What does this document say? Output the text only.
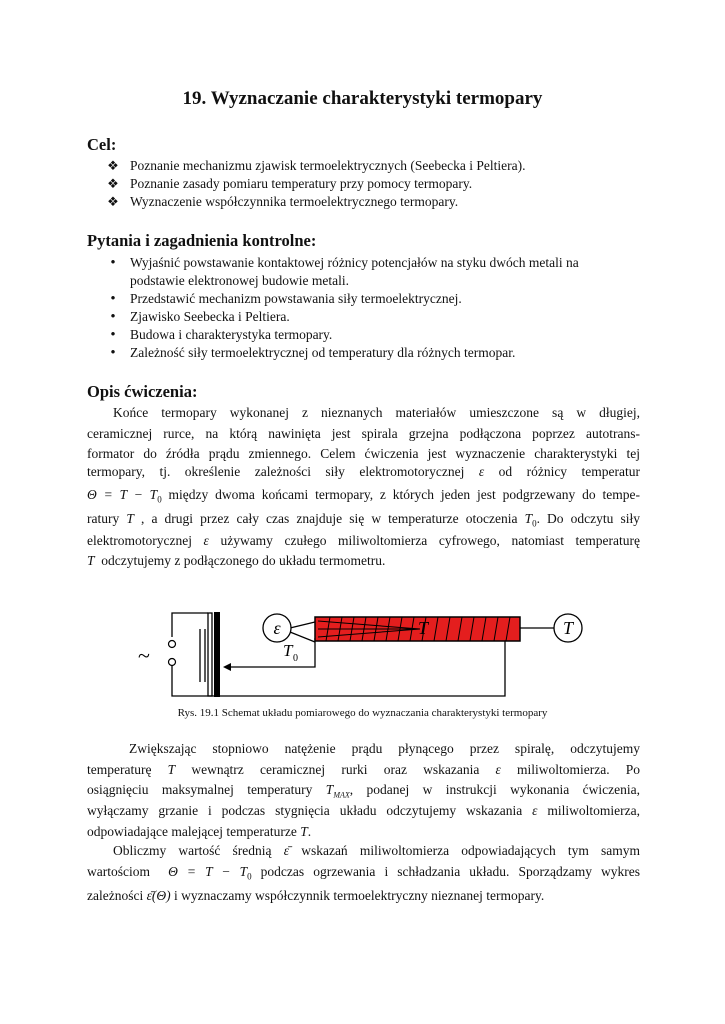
19. Wyznaczanie charakterystyki termopary
Cel:
❖ Poznanie mechanizmu zjawisk termoelektrycznych (Seebecka i Peltiera).
❖ Poznanie zasady pomiaru temperatury przy pomocy termopary.
❖ Wyznaczenie współczynnika termoelektrycznego termopary.
Pytania i zagadnienia kontrolne:
•	Wyjaśnić powstawanie kontaktowej różnicy potencjałów na styku dwóch metali na
podstawie elektronowej budowie metali.
•	Przedstawić mechanizm powstawania siły termoelektrycznej.
•	Zjawisko Seebecka i Peltiera.
•	Budowa i charakterystyka termopary.
•	Zależność siły termoelektrycznej od temperatury dla różnych termopar.
Opis ćwiczenia:
Końce termopary wykonanej z nieznanych materiałów umieszczone są w długiej,
ceramicznej rurce, na którą nawinięta jest spirala grzejna podłączona poprzez autotrans-
formator do źródła prądu zmiennego. Celem ćwiczenia jest wyznaczenie charakterystyki tej
termopary, tj. określenie zależności siły elektromotorycznej ε od różnicy temperatur
$\Theta = T - T_0$ między dwoma końcami termopary, z których jeden jest podgrzewany do tempe-
ratury T , a drugi przez cały czas znajduje się w temperaturze otoczenia $T_0$. Do odczytu siły
elektromotorycznej ε używamy czułego miliwoltomierza cyfrowego, natomiast temperaturę
T odczytujemy z podłączonego do układu termometru.
ε	T
T
T 0
~
Rys. 19.1 Schemat układu pomiarowego do wyznaczania charakterystyki termopary
Zwiększając stopniowo natężenie prądu płynącego przez spiralę, odczytujemy
temperaturę T wewnątrz ceramicznej rurki oraz wskazania ε miliwoltomierza. Po
osiągnięciu maksymalnej temperatury $T_{MAX}$, podanej w instrukcji wykonania ćwiczenia,
wyłączamy grzanie i podczas stygnięcia układu odczytujemy wskazania ε miliwoltomierza,
odpowiadające malejącej temperaturze T.
Obliczmy wartość średnią ε̄ wskazań miliwoltomierza odpowiadających tym samym
wartościom $\Theta = T - T_0$ podczas ogrzewania i schładzania układu. Sporządzamy wykres
zależności ε̄(Θ) i wyznaczamy współczynnik termoelektryczny nieznanej termopary.
